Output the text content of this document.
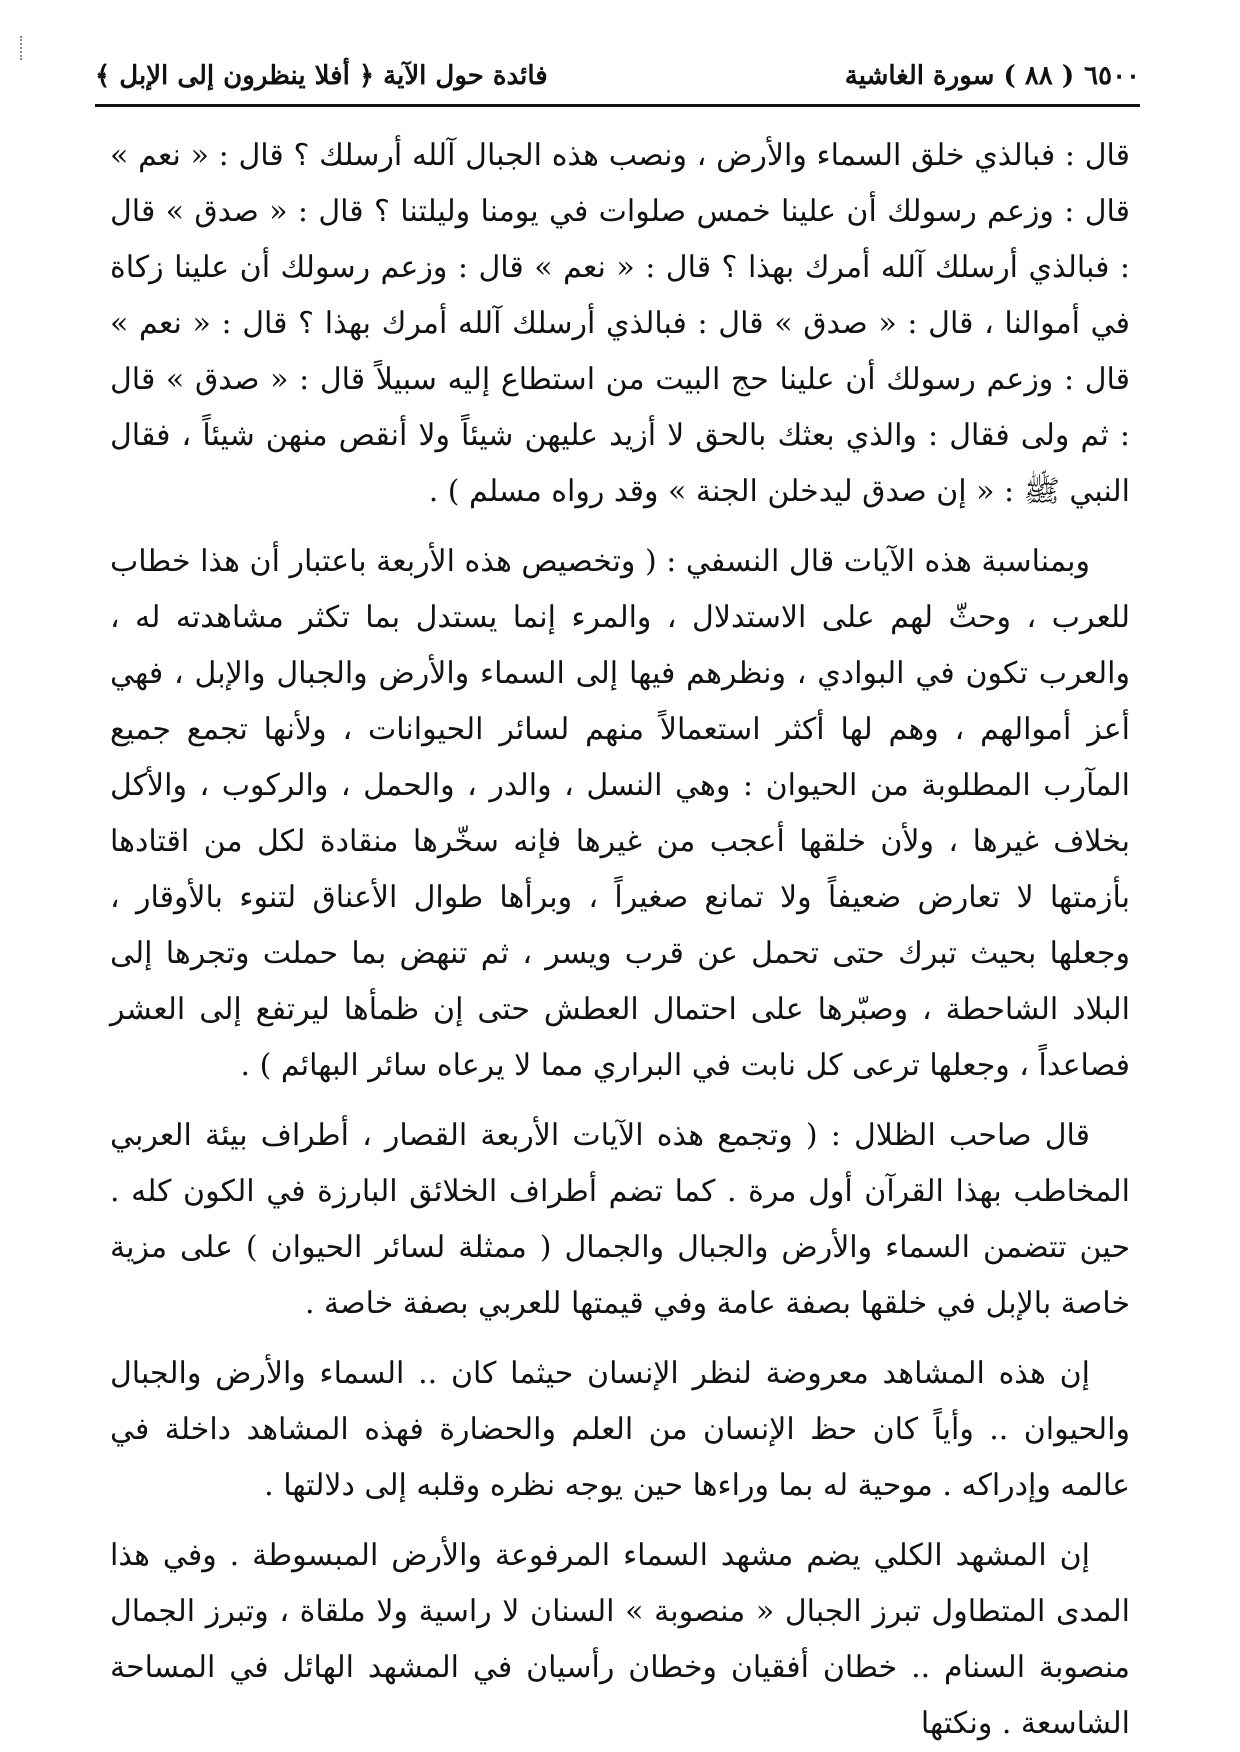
٦٥٠٠
( ٨٨ ) سورة الغاشية
فائدة حول الآية ﴿ أفلا ينظرون إلى الإبل ﴾

قال : فبالذي خلق السماء والأرض ، ونصب هذه الجبال آلله أرسلك ؟ قال : « نعم » قال : وزعم رسولك أن علينا خمس صلوات في يومنا وليلتنا ؟ قال : « صدق » قال : فبالذي أرسلك آلله أمرك بهذا ؟ قال : « نعم » قال : وزعم رسولك أن علينا زكاة في أموالنا ، قال : « صدق » قال : فبالذي أرسلك آلله أمرك بهذا ؟ قال : « نعم » قال : وزعم رسولك أن علينا حج البيت من استطاع إليه سبيلاً قال : « صدق » قال : ثم ولى فقال : والذي بعثك بالحق لا أزيد عليهن شيئاً ولا أنقص منهن شيئاً ، فقال النبي ﷺ : « إن صدق ليدخلن الجنة » وقد رواه مسلم ) .

وبمناسبة هذه الآيات قال النسفي : ( وتخصيص هذه الأربعة باعتبار أن هذا خطاب للعرب ، وحثّ لهم على الاستدلال ، والمرء إنما يستدل بما تكثر مشاهدته له ، والعرب تكون في البوادي ، ونظرهم فيها إلى السماء والأرض والجبال والإبل ، فهي أعز أموالهم ، وهم لها أكثر استعمالاً منهم لسائر الحيوانات ، ولأنها تجمع جميع المآرب المطلوبة من الحيوان : وهي النسل ، والدر ، والحمل ، والركوب ، والأكل بخلاف غيرها ، ولأن خلقها أعجب من غيرها فإنه سخّرها منقادة لكل من اقتادها بأزمتها لا تعارض ضعيفاً ولا تمانع صغيراً ، وبرأها طوال الأعناق لتنوء بالأوقار ، وجعلها بحيث تبرك حتى تحمل عن قرب ويسر ، ثم تنهض بما حملت وتجرها إلى البلاد الشاحطة ، وصبّرها على احتمال العطش حتى إن ظمأها ليرتفع إلى العشر فصاعداً ، وجعلها ترعى كل نابت في البراري مما لا يرعاه سائر البهائم ) .

قال صاحب الظلال : ( وتجمع هذه الآيات الأربعة القصار ، أطراف بيئة العربي المخاطب بهذا القرآن أول مرة . كما تضم أطراف الخلائق البارزة في الكون كله . حين تتضمن السماء والأرض والجبال والجمال ( ممثلة لسائر الحيوان ) على مزية خاصة بالإبل في خلقها بصفة عامة وفي قيمتها للعربي بصفة خاصة .

إن هذه المشاهد معروضة لنظر الإنسان حيثما كان .. السماء والأرض والجبال والحيوان .. وأياً كان حظ الإنسان من العلم والحضارة فهذه المشاهد داخلة في عالمه وإدراكه . موحية له بما وراءها حين يوجه نظره وقلبه إلى دلالتها .

إن المشهد الكلي يضم مشهد السماء المرفوعة والأرض المبسوطة . وفي هذا المدى المتطاول تبرز الجبال « منصوبة » السنان لا راسية ولا ملقاة ، وتبرز الجمال منصوبة السنام .. خطان أفقيان وخطان رأسيان في المشهد الهائل في المساحة الشاسعة . ونكتها
